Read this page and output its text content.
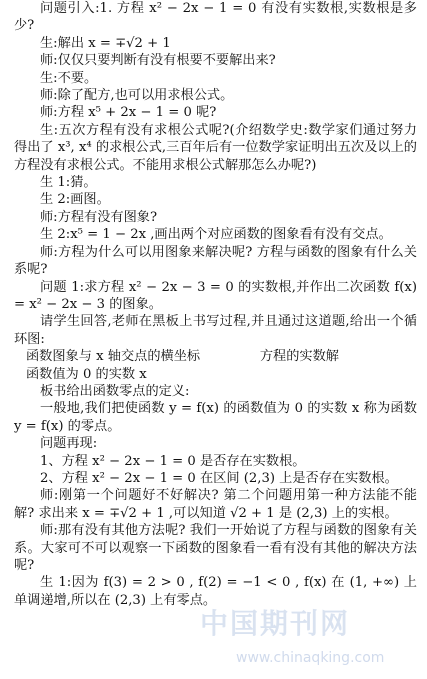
问题引入:1. 方程 x² − 2x − 1 = 0 有没有实数根,实数根是多少?

生:解出 x = ∓√2 + 1

师:仅仅只要判断有没有根要不要解出来?

生:不要。

师:除了配方,也可以用求根公式。

师:方程 x⁵ + 2x − 1 = 0 呢?

生:五次方程有没有求根公式呢?(介绍数学史:数学家们通过努力得出了 x³, x⁴ 的求根公式,三百年后有一位数学家证明出五次及以上的方程没有求根公式。不能用求根公式解那怎么办呢?)

生 1:猜。

生 2:画图。

师:方程有没有图象?

生 2:x⁵ = 1 − 2x ,画出两个对应函数的图象看有没有交点。

师:方程为什么可以用图象来解决呢? 方程与函数的图象有什么关系呢?

问题 1:求方程 x² − 2x − 3 = 0 的实数根,并作出二次函数 f(x) = x² − 2x − 3 的图象。

请学生回答,老师在黑板上书写过程,并且通过这道题,给出一个循环图:

函数图象与 x 轴交点的横坐标	方程的实数解

函数值为 0 的实数 x

板书给出函数零点的定义:

一般地,我们把使函数 y = f(x) 的函数值为 0 的实数 x 称为函数 y = f(x) 的零点。

问题再现:

1、方程 x² − 2x − 1 = 0 是否存在实数根。

2、方程 x² − 2x − 1 = 0 在区间 (2,3) 上是否存在实数根。

师:刚第一个问题好不好解决? 第二个问题用第一种方法能不能解? 求出来 x = ∓√2 + 1 ,可以知道 √2 + 1 是 (2,3) 上的实根。

师:那有没有其他方法呢? 我们一开始说了方程与函数的图象有关系。大家可不可以观察一下函数的图象看一看有没有其他的解决方法呢?

生 1:因为 f(3) = 2 > 0 , f(2) = −1 < 0 , f(x) 在 (1, +∞) 上单调递增,所以在 (2,3) 上有零点。

中国期刊网
www.chinaqking.com
